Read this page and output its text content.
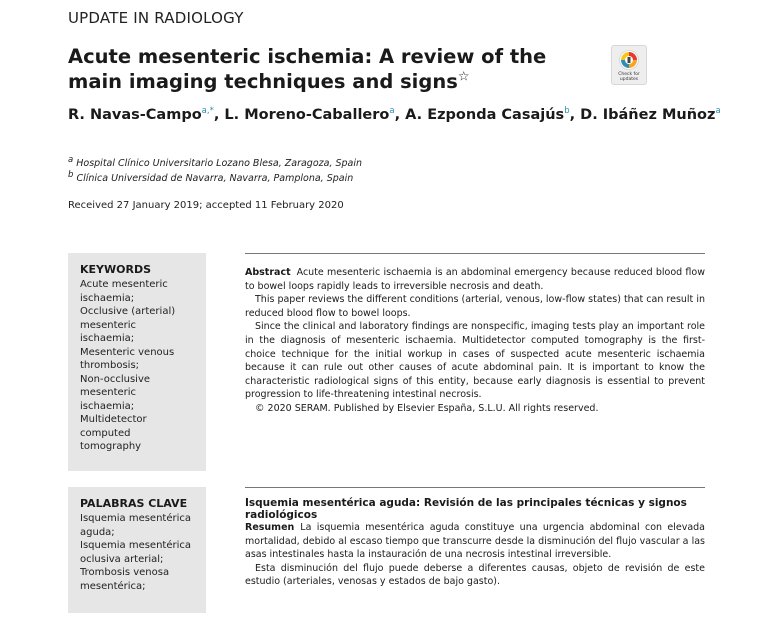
UPDATE IN RADIOLOGY
Acute mesenteric ischemia: A review of the main imaging techniques and signs☆	Check for updates
R. Navas-Campo$^{a,*}$, L. Moreno-Caballero$^a$, A. Ezponda Casajús$^b$, D. Ibáñez Muñoz$^a$
$^a$ Hospital Clínico Universitario Lozano Blesa, Zaragoza, Spain
$^b$ Clínica Universidad de Navarra, Navarra, Pamplona, Spain
Received 27 January 2019; accepted 11 February 2020
KEYWORDS
Acute mesenteric
ischaemia;
Occlusive (arterial)
mesenteric
ischaemia;
Mesenteric venous
thrombosis;
Non-occlusive
mesenteric
ischaemia;
Multidetector
computed
tomography

Abstract Acute mesenteric ischaemia is an abdominal emergency because reduced blood flow to bowel loops rapidly leads to irreversible necrosis and death.

This paper reviews the different conditions (arterial, venous, low-flow states) that can result in reduced blood flow to bowel loops.

Since the clinical and laboratory findings are nonspecific, imaging tests play an important role in the diagnosis of mesenteric ischaemia. Multidetector computed tomography is the first-choice technique for the initial workup in cases of suspected acute mesenteric ischaemia because it can rule out other causes of acute abdominal pain. It is important to know the characteristic radiological signs of this entity, because early diagnosis is essential to prevent progression to life-threatening intestinal necrosis.

© 2020 SERAM. Published by Elsevier España, S.L.U. All rights reserved.

PALABRAS CLAVE
Isquemia mesentérica
aguda;
Isquemia mesentérica
oclusiva arterial;
Trombosis venosa
mesentérica;
Isquemia mesentérica aguda: Revisión de las principales técnicas y signos radiológicos

Resumen La isquemia mesentérica aguda constituye una urgencia abdominal con elevada mortalidad, debido al escaso tiempo que transcurre desde la disminución del flujo vascular a las asas intestinales hasta la instauración de una necrosis intestinal irreversible.

Esta disminución del flujo puede deberse a diferentes causas, objeto de revisión de este estudio (arteriales, venosas y estados de bajo gasto).
